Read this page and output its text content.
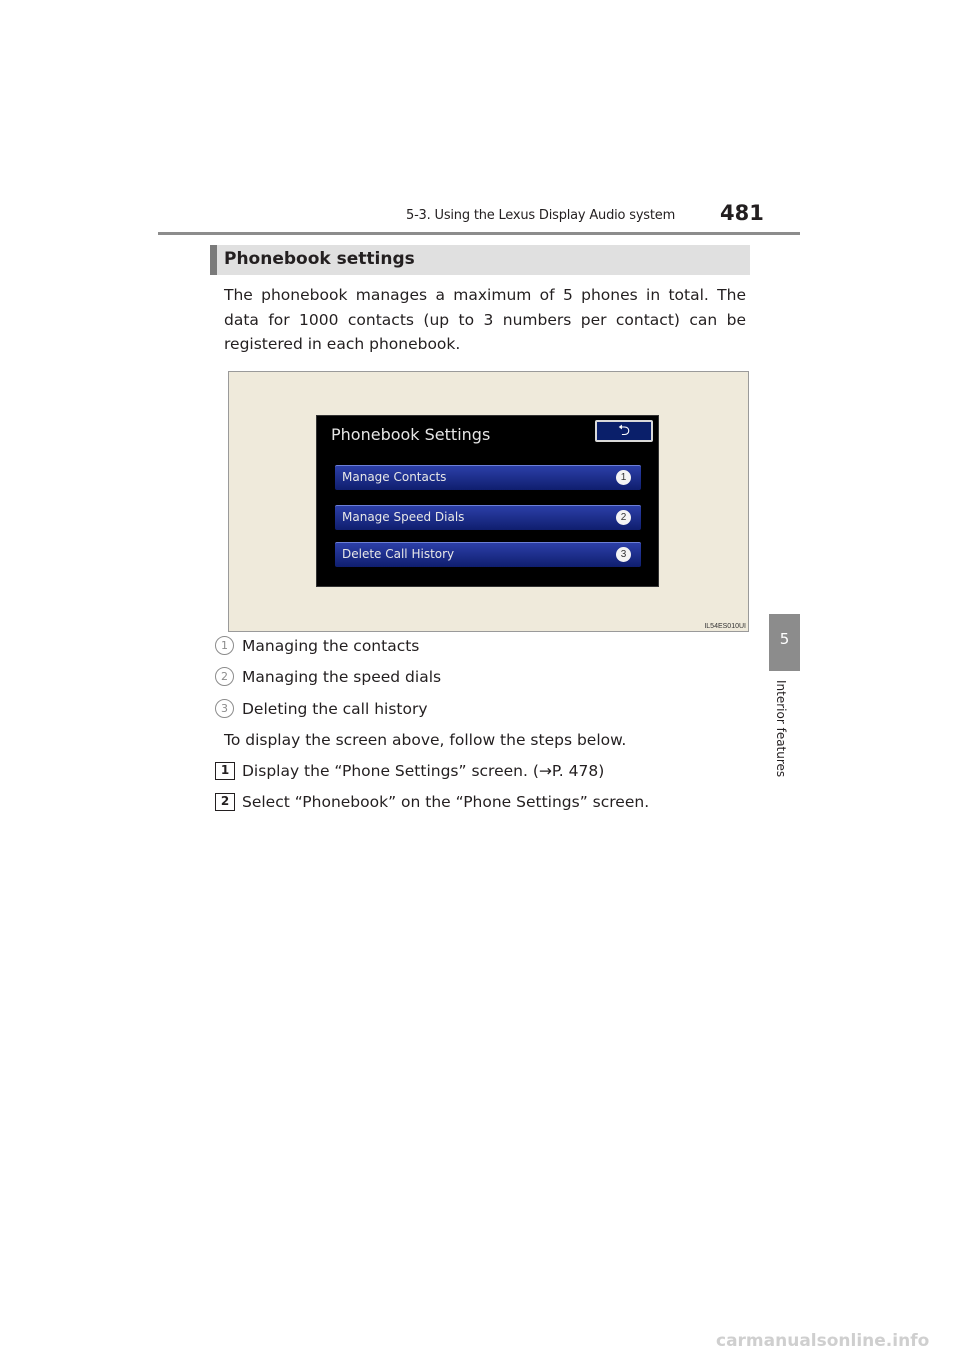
5-3. Using the Lexus Display Audio system 481
5
Interior features
Phonebook settings
The phonebook manages a maximum of 5 phones in total. The data for 1000 contacts (up to 3 numbers per contact) can be registered in each phonebook.
Phonebook Settings	⮌
Manage Contacts	1
Manage Speed Dials	2
Delete Call History	3
IL54ES010UI
1 Managing the contacts
2 Managing the speed dials
3 Deleting the call history
To display the screen above, follow the steps below.
1 Display the “Phone Settings” screen. (→P. 478)
2 Select “Phonebook” on the “Phone Settings” screen.
carmanualsonline.info
